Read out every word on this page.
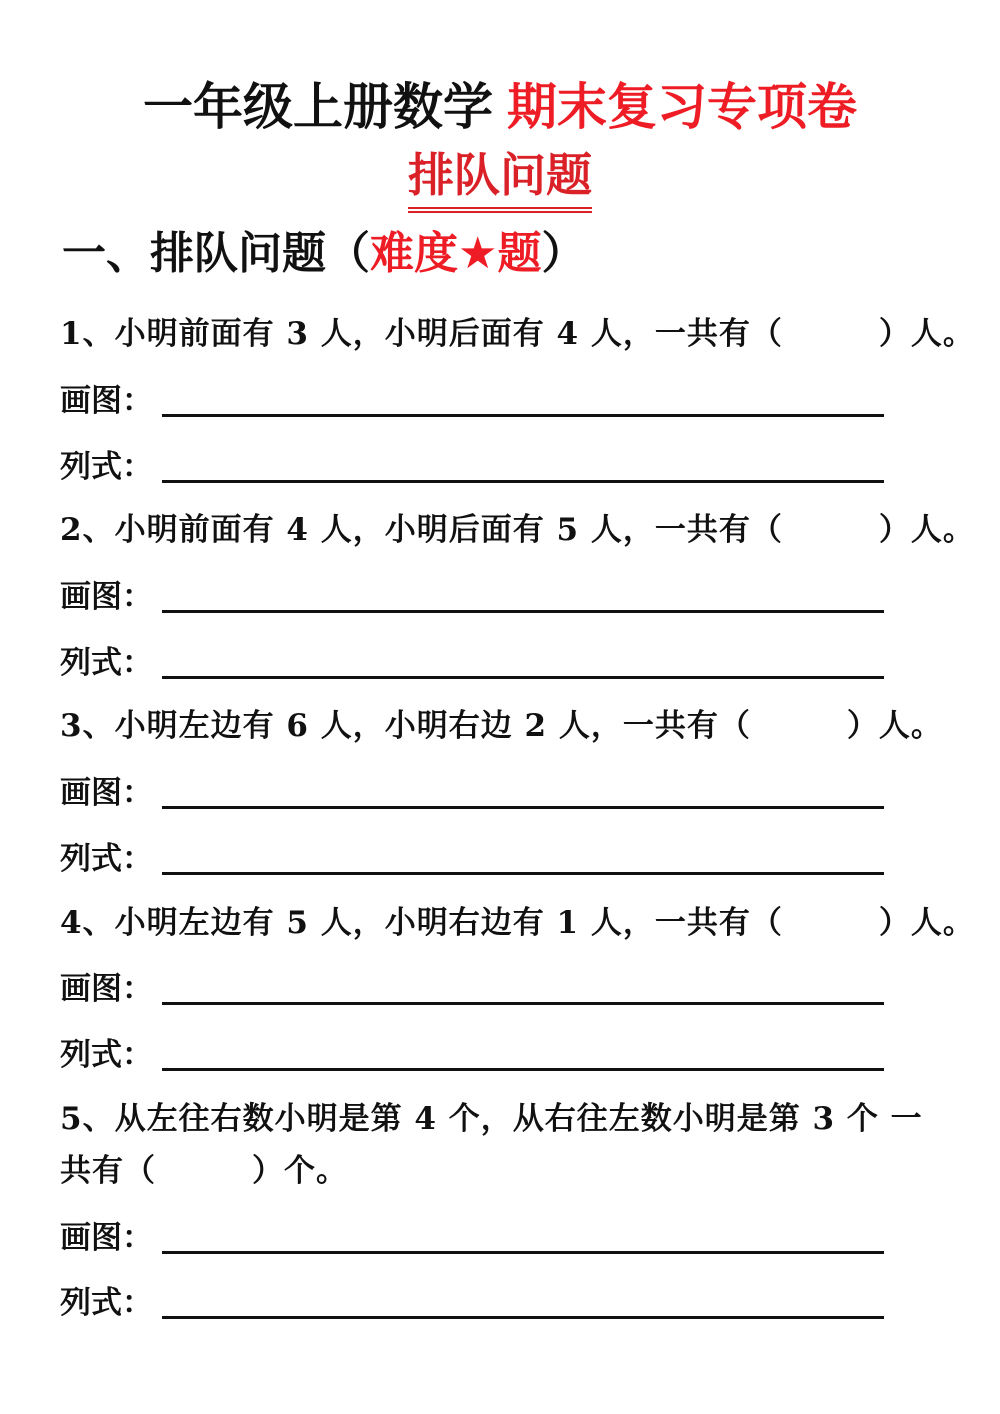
一年级上册数学 期末复习专项卷
排队问题
一、排队问题（难度★题）
1、小明前面有 3 人，小明后面有 4 人，一共有（　　　）人。
画图：
列式：
2、小明前面有 4 人，小明后面有 5 人，一共有（　　　）人。
画图：
列式：
3、小明左边有 6 人，小明右边 2 人，一共有（　　　）人。
画图：
列式：
4、小明左边有 5 人，小明右边有 1 人，一共有（　　　）人。
画图：
列式：
5、从左往右数小明是第 4 个，从右往左数小明是第 3 个 一
共有（　　　）个。
画图：
列式：
